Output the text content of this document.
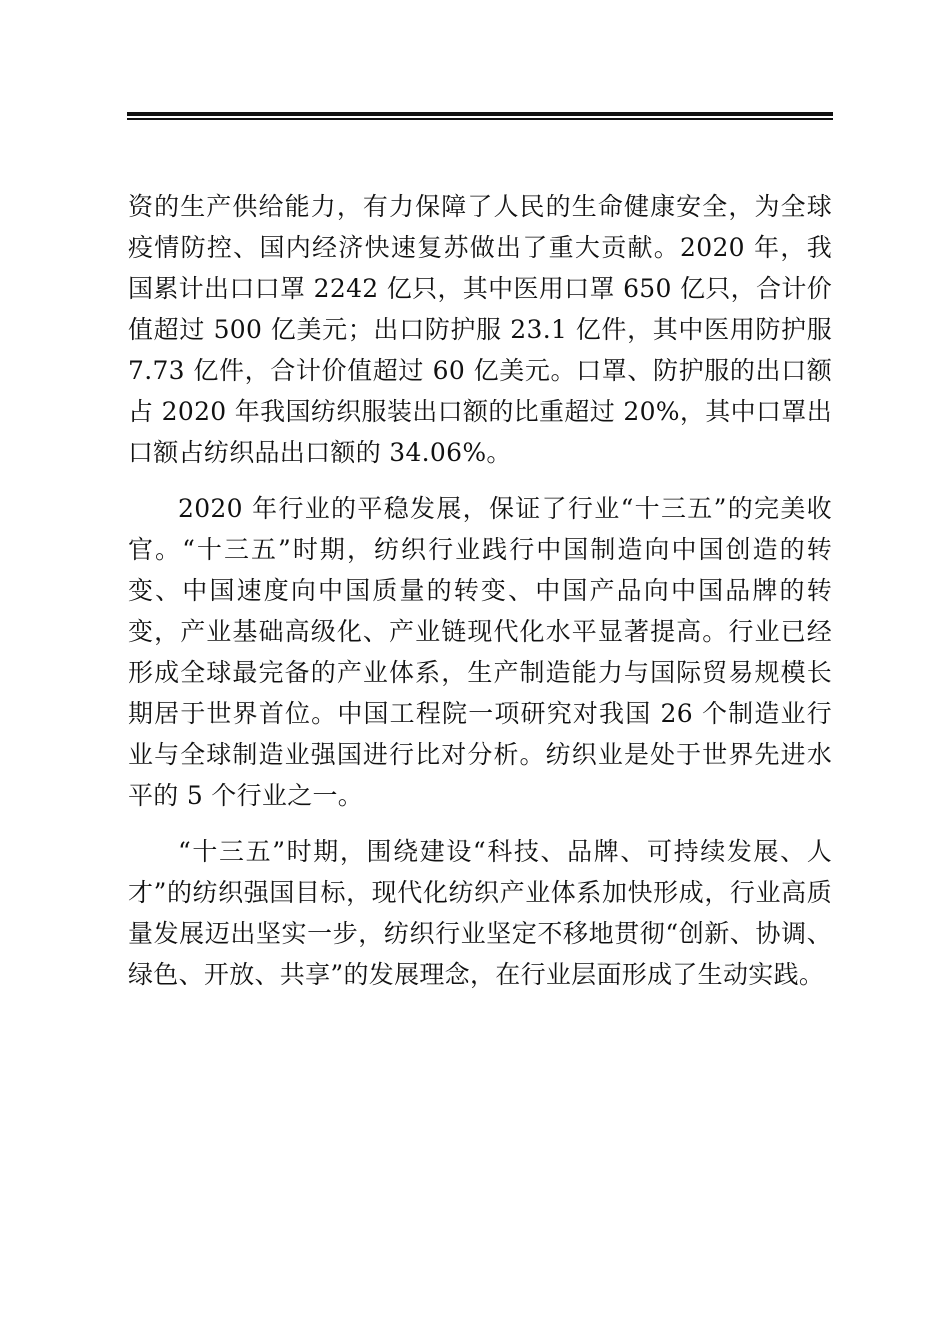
资的生产供给能力，有力保障了人民的生命健康安全，为全球疫情防控、国内经济快速复苏做出了重大贡献。2020 年，我国累计出口口罩 2242 亿只，其中医用口罩 650 亿只，合计价值超过 500 亿美元；出口防护服 23.1 亿件，其中医用防护服 7.73 亿件，合计价值超过 60 亿美元。口罩、防护服的出口额占 2020 年我国纺织服装出口额的比重超过 20%，其中口罩出口额占纺织品出口额的 34.06%。

2020 年行业的平稳发展，保证了行业“十三五”的完美收官。“十三五”时期，纺织行业践行中国制造向中国创造的转变、中国速度向中国质量的转变、中国产品向中国品牌的转变，产业基础高级化、产业链现代化水平显著提高。行业已经形成全球最完备的产业体系，生产制造能力与国际贸易规模长期居于世界首位。中国工程院一项研究对我国 26 个制造业行业与全球制造业强国进行比对分析。纺织业是处于世界先进水平的 5 个行业之一。

“十三五”时期，围绕建设“科技、品牌、可持续发展、人才”的纺织强国目标，现代化纺织产业体系加快形成，行业高质量发展迈出坚实一步，纺织行业坚定不移地贯彻“创新、协调、绿色、开放、共享”的发展理念，在行业层面形成了生动实践。
